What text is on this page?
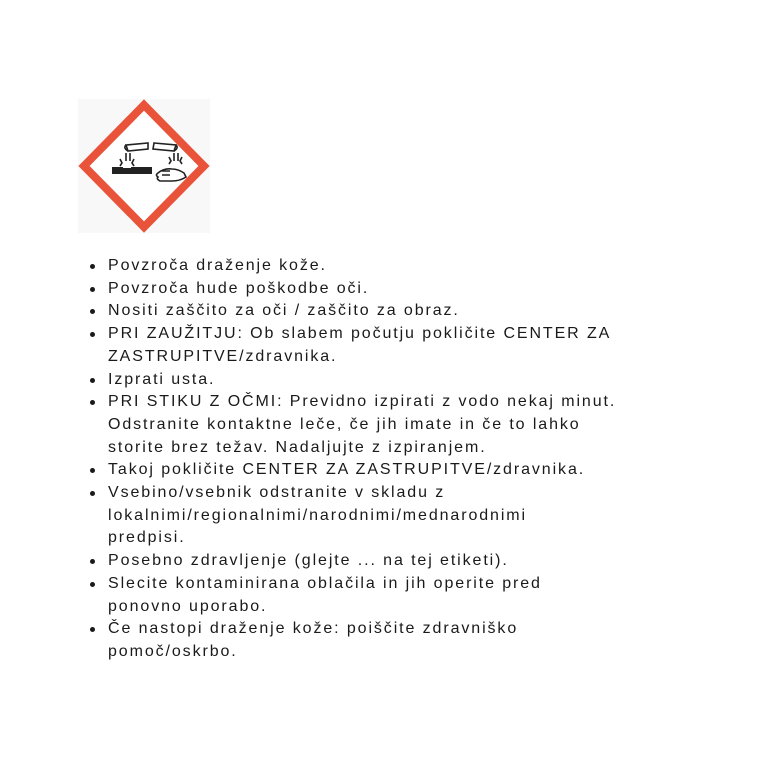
Povzroča draženje kože.
Povzroča hude poškodbe oči.
Nositi zaščito za oči / zaščito za obraz.
PRI ZAUŽITJU: Ob slabem počutju pokličite CENTER ZA
ZASTRUPITVE/zdravnika.
Izprati usta.
PRI STIKU Z OČMI: Previdno izpirati z vodo nekaj minut.
Odstranite kontaktne leče, če jih imate in če to lahko
storite brez težav. Nadaljujte z izpiranjem.
Takoj pokličite CENTER ZA ZASTRUPITVE/zdravnika.
Vsebino/vsebnik odstranite v skladu z
lokalnimi/regionalnimi/narodnimi/mednarodnimi
predpisi.
Posebno zdravljenje (glejte ... na tej etiketi).
Slecite kontaminirana oblačila in jih operite pred
ponovno uporabo.
Če nastopi draženje kože: poiščite zdravniško
pomoč/oskrbo.
